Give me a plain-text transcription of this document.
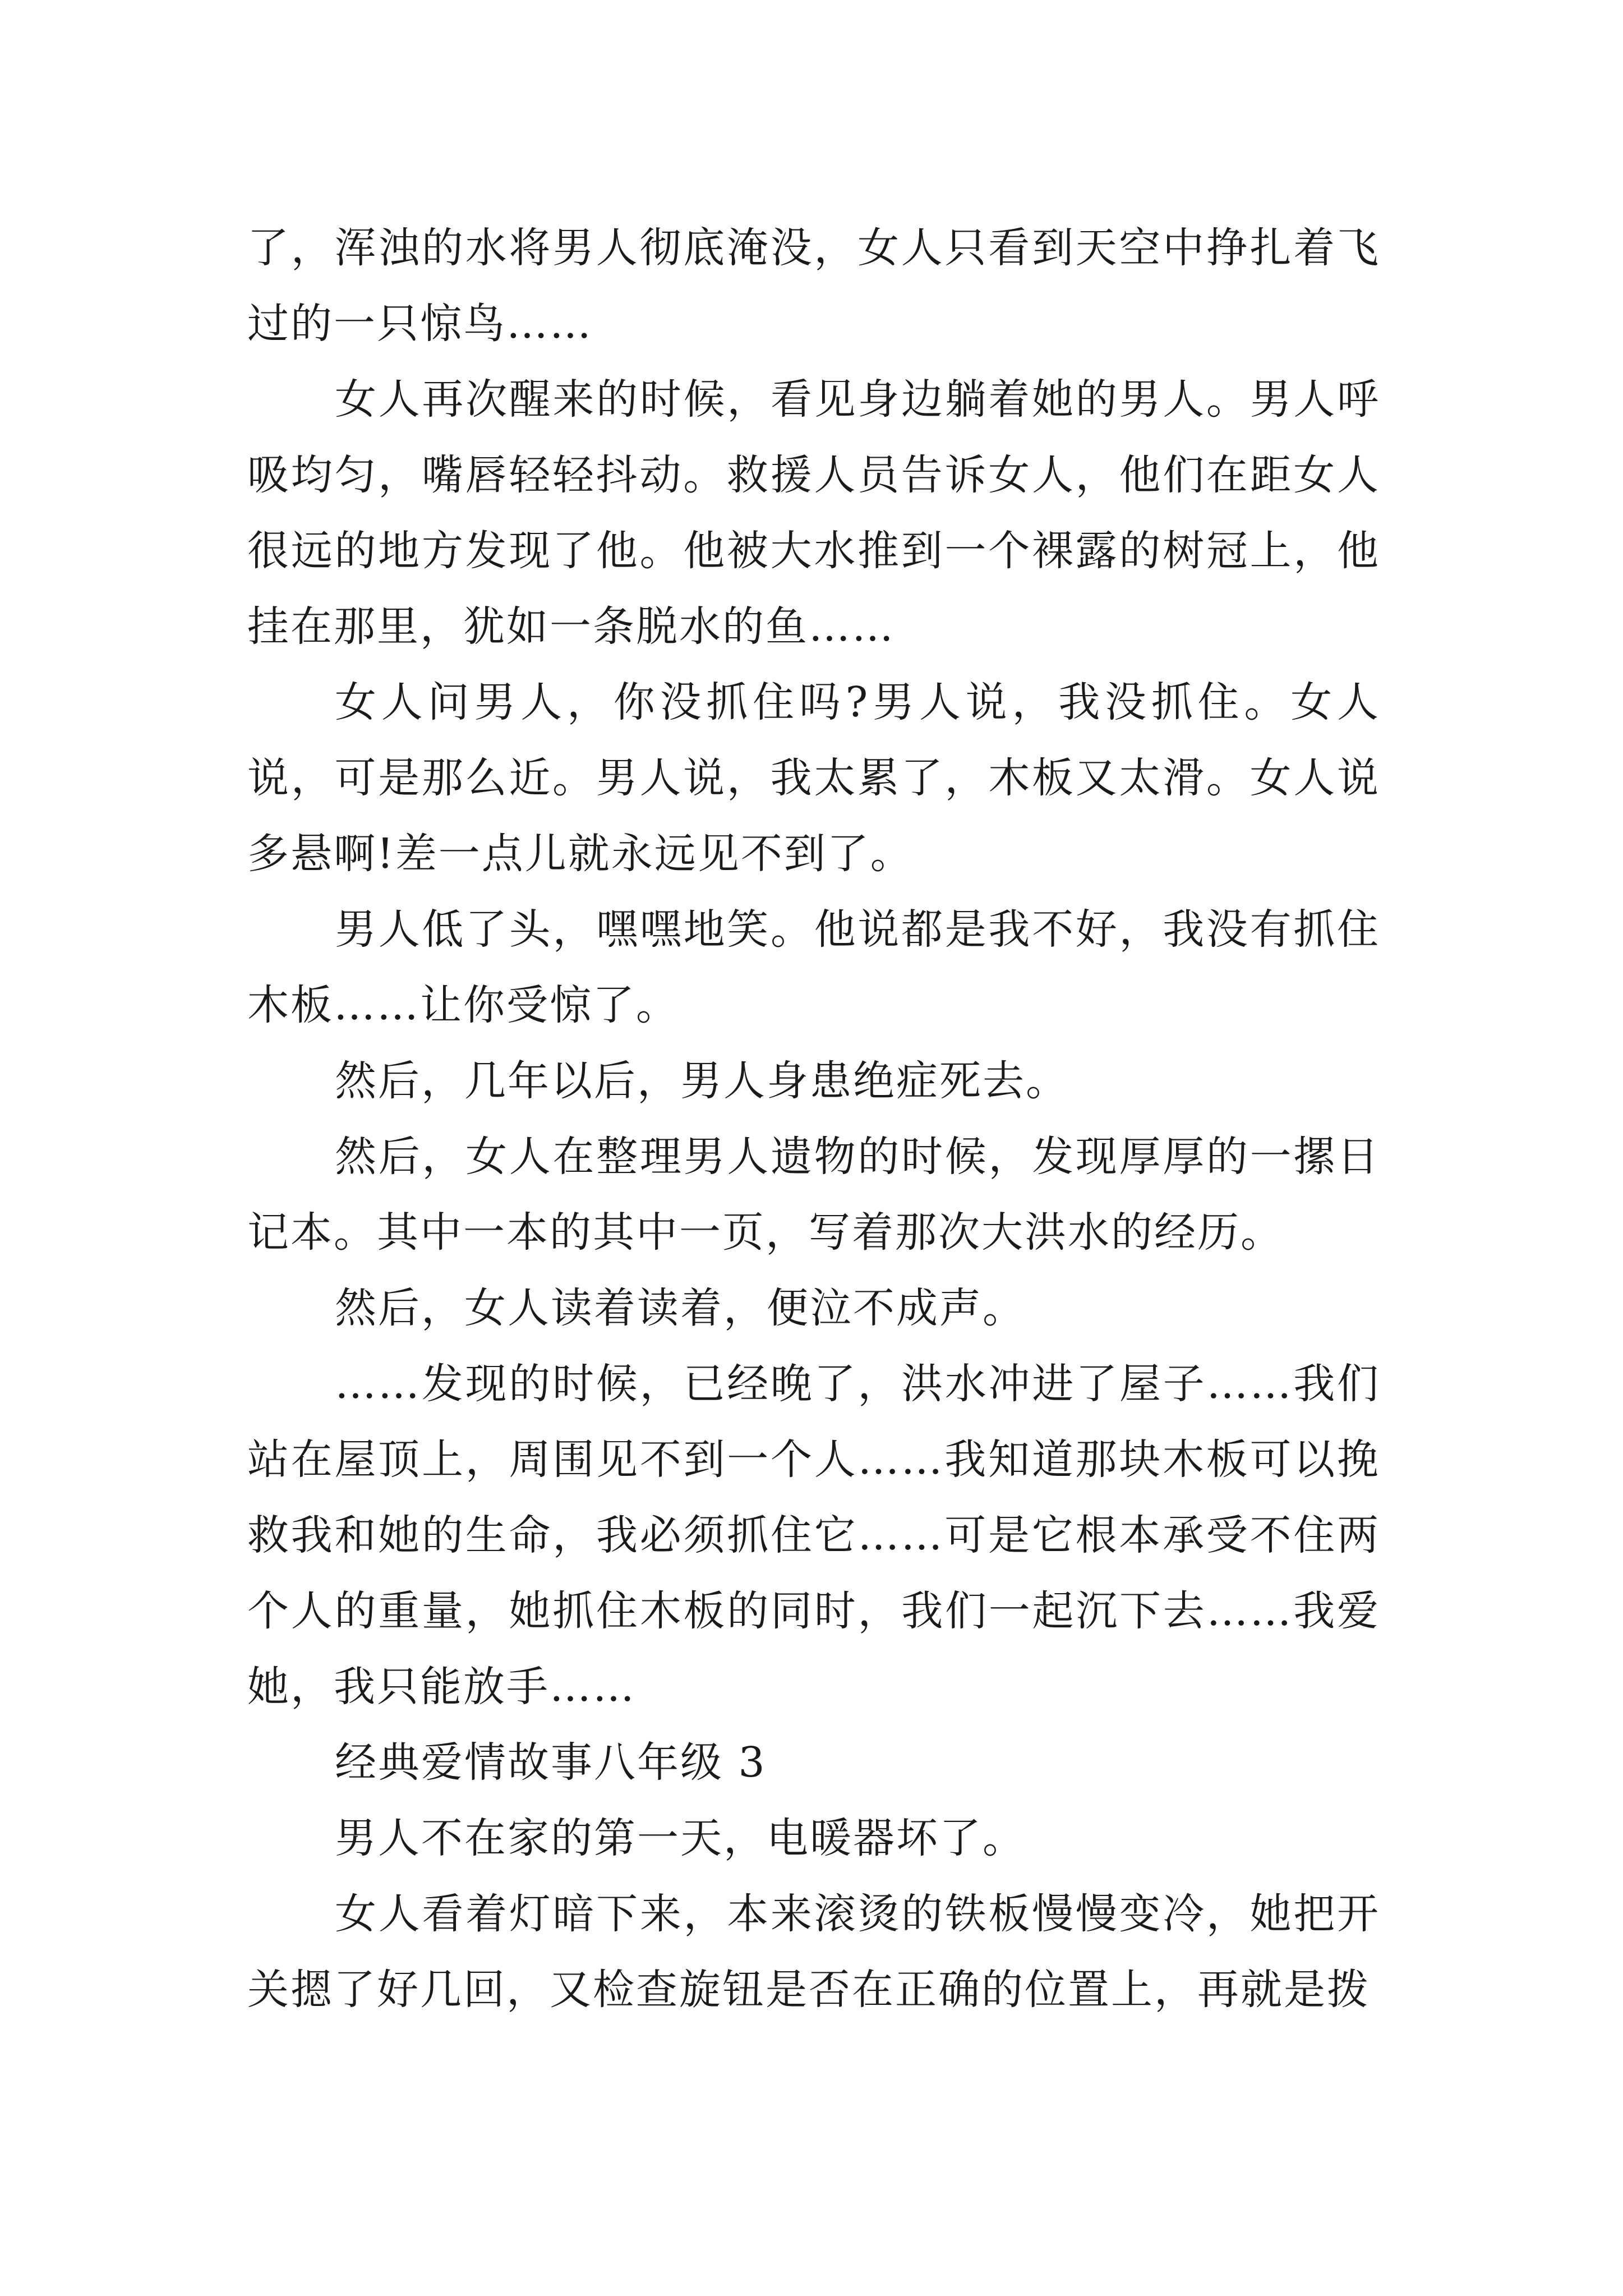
了，浑浊的水将男人彻底淹没，女人只看到天空中挣扎着飞过的一只惊鸟……

女人再次醒来的时候，看见身边躺着她的男人。男人呼吸均匀，嘴唇轻轻抖动。救援人员告诉女人，他们在距女人很远的地方发现了他。他被大水推到一个裸露的树冠上，他挂在那里，犹如一条脱水的鱼……

女人问男人，你没抓住吗?男人说，我没抓住。女人说，可是那么近。男人说，我太累了，木板又太滑。女人说多悬啊!差一点儿就永远见不到了。

男人低了头，嘿嘿地笑。他说都是我不好，我没有抓住木板……让你受惊了。

然后，几年以后，男人身患绝症死去。

然后，女人在整理男人遗物的时候，发现厚厚的一摞日记本。其中一本的其中一页，写着那次大洪水的经历。

然后，女人读着读着，便泣不成声。

……发现的时候，已经晚了，洪水冲进了屋子……我们站在屋顶上，周围见不到一个人……我知道那块木板可以挽救我和她的生命，我必须抓住它……可是它根本承受不住两个人的重量，她抓住木板的同时，我们一起沉下去……我爱她，我只能放手……

经典爱情故事八年级 3

男人不在家的第一天，电暖器坏了。

女人看着灯暗下来，本来滚烫的铁板慢慢变冷，她把开关摁了好几回，又检查旋钮是否在正确的位置上，再就是拨
